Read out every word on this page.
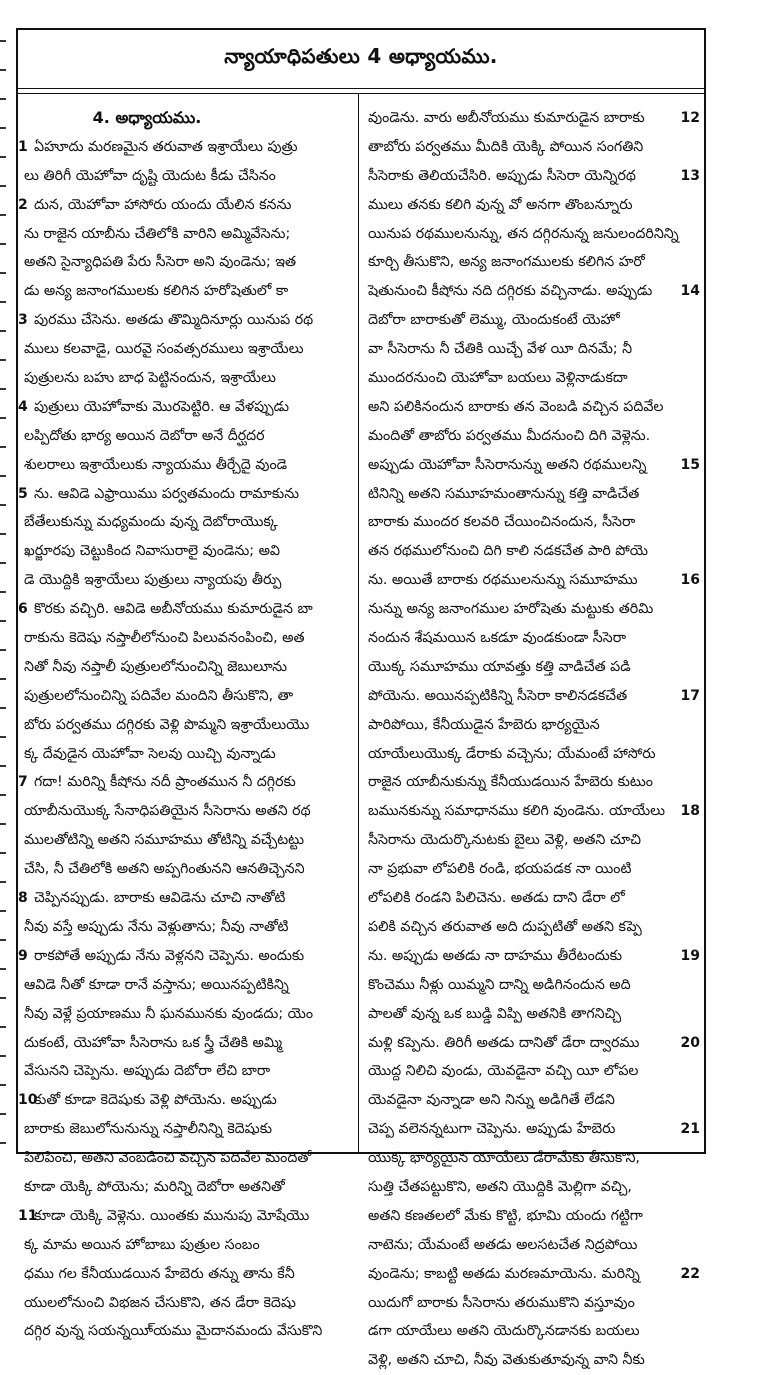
న్యాయాధిపతులు 4 అధ్యాయము.
4. అధ్యాయము.
1 ఏహూదు మరణమైన తరువాత ఇశ్రాయేలు పుత్రు
లు తిరిగీ యెహోవా దృష్టి యెదుట కీడు చేసినం
2 దున, యెహోవా హాసోరు యందు యేలిన కనను
ను రాజైన యాబీను చేతిలోకి వారిని అమ్మివేసెను;
అతని సైన్యాధిపతి పేరు సీసెరా అని వుండెను; ఇత
డు అన్య జనాంగములకు కలిగిన హరోషెతులో కా
3 పురము చేసెను. అతడు తొమ్మిదినూర్లు యినుప రథ
ములు కలవాడై, యిరవై సంవత్సరములు ఇశ్రాయేలు
పుత్రులను బహు బాధ పెట్టినందున, ఇశ్రాయేలు
4 పుత్రులు యెహోవాకు మొరపెట్టిరి. ఆ వేళప్పుడు
లప్పిదోతు భార్య అయిన దెబోరా అనే దీర్ఘదర
శులరాలు ఇశ్రాయేలుకు న్యాయము తీర్చేదై వుండె
5 ను. ఆవిడె ఎఫ్రాయిము పర్వతమందు రామాకును
బేతేలుకున్ను మధ్యమందు వున్న దెబోరాయొక్క
ఖర్జూరపు చెట్టుకింద నివాసురాలై వుండెను; అవి
డె యొద్దికి ఇశ్రాయేలు పుత్రులు న్యాయపు తీర్పు
6 కొరకు వచ్చిరి. ఆవిడె అబీనోయము కుమారుడైన బా
రాకును కెదెషు నప్తాలీలోనుంచి పిలువనంపించి, అత
నితో నీవు నప్తాలీ పుత్రులలోనుంచిన్ని జెబులూను
పుత్రులలోనుంచిన్ని పదివేల మందిని తీసుకొని, తా
బోరు పర్వతము దగ్గిరకు వెళ్లి పొమ్మని ఇశ్రాయేలుయొ
క్క దేవుడైన యెహోవా సెలవు యిచ్చి వున్నాడు
7 గదా! మరిన్ని కీషోను నదీ ప్రాంతమున నీ దగ్గిరకు
యాబీనుయొక్క సేనాధిపతియైన సీసెరాను అతని రథ
ములతోటిన్ని అతని సమూహము తోటిన్ని వచ్చేటట్టు
చేసి, నీ చేతిలోకి అతని అప్పగింతునని ఆనతిచ్చెనని
8 చెప్పినప్పుడు. బారాకు ఆవిడెను చూచి నాతోటి
నీవు వస్తే అప్పుడు నేను వెళ్లుతాను; నీవు నాతోటి
9 రాకపోతే అప్పుడు నేను వెళ్లనని చెప్పెను. అందుకు
ఆవిడె నీతో కూడా రానే వస్తాను; అయినప్పటికిన్ని
నీవు వెళ్లే ప్రయాణము నీ ఘనమునకు వుండదు; యెం
దుకంటే, యెహోవా సీసెరాను ఒక స్త్రీ చేతికి అమ్మి
వేసునని చెప్పెను. అప్పుడు దెబోరా లేచి బారా
10
కుతో కూడా కెదెషుకు వెళ్లి పోయెను. అప్పుడు
బారాకు జెబులోనునున్ను నప్తాలీనిన్ని కెదెషుకు
పిలిపించి, అతని వెంబడించి వచ్చిన పదివేల మందితో
కూడా యెక్కి పోయెను; మరిన్ని దెబోరా అతనితో
11
కూడా యెక్కి వెళ్లెను. యింతకు మునుపు మోషేయొ
క్క మామ అయిన హోబాబు పుత్రుల సంబం
ధము గల కేనీయుడయిన హేబెరు తన్ను తాను కేనీ
యులలోనుంచి విభజన చేసుకొని, తన డేరా కెదెషు
దగ్గిర వున్న సయన్నయీ్యము మైదానమందు వేసుకొని
12
వుండెను. వారు అబీనోయము కుమారుడైన బారాకు
తాబోరు పర్వతము మీదికి యెక్కి పోయిన సంగతిని
13
సీసెరాకు తెలియచేసిరి. అప్పుడు సీసెరా యెన్నిరథ
ములు తనకు కలిగి వున్న వో అనగా తొంబన్నూరు
యినుప రథములనున్ను, తన దగ్గిరనున్న జనులందరినిన్ని
కూర్చి తీసుకొని, అన్య జనాంగములకు కలిగిన హరో
14
షెతునుంచి కీషోను నది దగ్గిరకు వచ్చినాడు. అప్పుడు
దెబోరా బారాకుతో లెమ్ము, యెందుకంటే యెహో
వా సీసెరాను నీ చేతికి యిచ్చే వేళ యీ దినమే; నీ
ముందరనుంచి యెహోవా బయలు వెళ్లినాడుకదా
అని పలికినందున బారాకు తన వెంబడి వచ్చిన పదివేల
మందితో తాబోరు పర్వతము మీదనుంచి దిగి వెళ్లెను.
15
అప్పుడు యెహోవా సీసెరానున్ను అతని రథములన్ని
టినిన్ని అతని సమూహమంతానున్ను కత్తి వాడిచేత
బారాకు ముందర కలవరి చేయించినందున, సీసెరా
తన రథములోనుంచి దిగి కాలి నడకచేత పారి పోయె
16
ను. అయితే బారాకు రథములనున్ను సమూహము
నున్ను అన్య జనాంగముల హరోషెతు మట్టుకు తరిమి
నందున శేషమయిన ఒకడూ వుండకుండా సీసెరా
యొక్క సమూహము యావత్తు కత్తి వాడిచేత పడి
17
పోయెను. అయినప్పటికిన్ని సీసెరా కాలినడకచేత
పారిపోయి, కేనీయుడైన హేబెరు భార్యయైన
యాయేలుయొక్క డేరాకు వచ్చెను; యేమంటే హాసోరు
రాజైన యాబీనుకున్ను కేనీయుడయిన హేబెరు కుటుం
18
బమునకున్ను సమాధానము కలిగి వుండెను. యాయేలు
సీసెరాను యెదుర్కొనుటకు బైలు వెళ్లి, అతని చూచి
నా ప్రభువా లోపలికి రండి, భయపడక నా యింటి
లోపలికి రండని పిలిచెను. అతడు దాని డేరా లో
పలికి వచ్చిన తరువాత అది దుప్పటితో అతని కప్పె
19
ను. అప్పుడు అతడు నా దాహము తీరేటందుకు
కొంచెము నీళ్లు యిమ్మని దాన్ని అడిగినందున అది
పాలతో వున్న ఒక బుడ్డి విప్పి అతనికి తాగనిచ్చి
20
మళ్లి కప్పెను. తిరిగీ అతడు దానితో డేరా ద్వారము
యొద్ద నిలిచి వుండు, యెవడైనా వచ్చి యీ లోపల
యెవడైనా వున్నాడా అని నిన్ను అడిగితే లేడని
21
చెప్ప వలెనన్నటుగా చెప్పెను. అప్పుడు హేబెరు
యొక్క భార్యయైన యాయేలు డేరామేకు తీసుకొని,
సుత్తి చేతపట్టుకొని, అతని యొద్దికి మెల్లిగా వచ్చి,
అతని కణతలలో మేకు కొట్టి, భూమి యందు గట్టిగా
నాటెను; యేమంటే అతడు అలసటచేత నిద్రపోయి
22
వుండెను; కాబట్టి అతడు మరణమాయెను. మరిన్ని
యిదుగో బారాకు సీసెరాను తరుముకొని వస్తూవుం
డగా యాయేలు అతని యెదుర్కొనడానకు బయలు
వెళ్లి, అతని చూచి, నీవు వెతుకుతూవున్న వాని నీకు
